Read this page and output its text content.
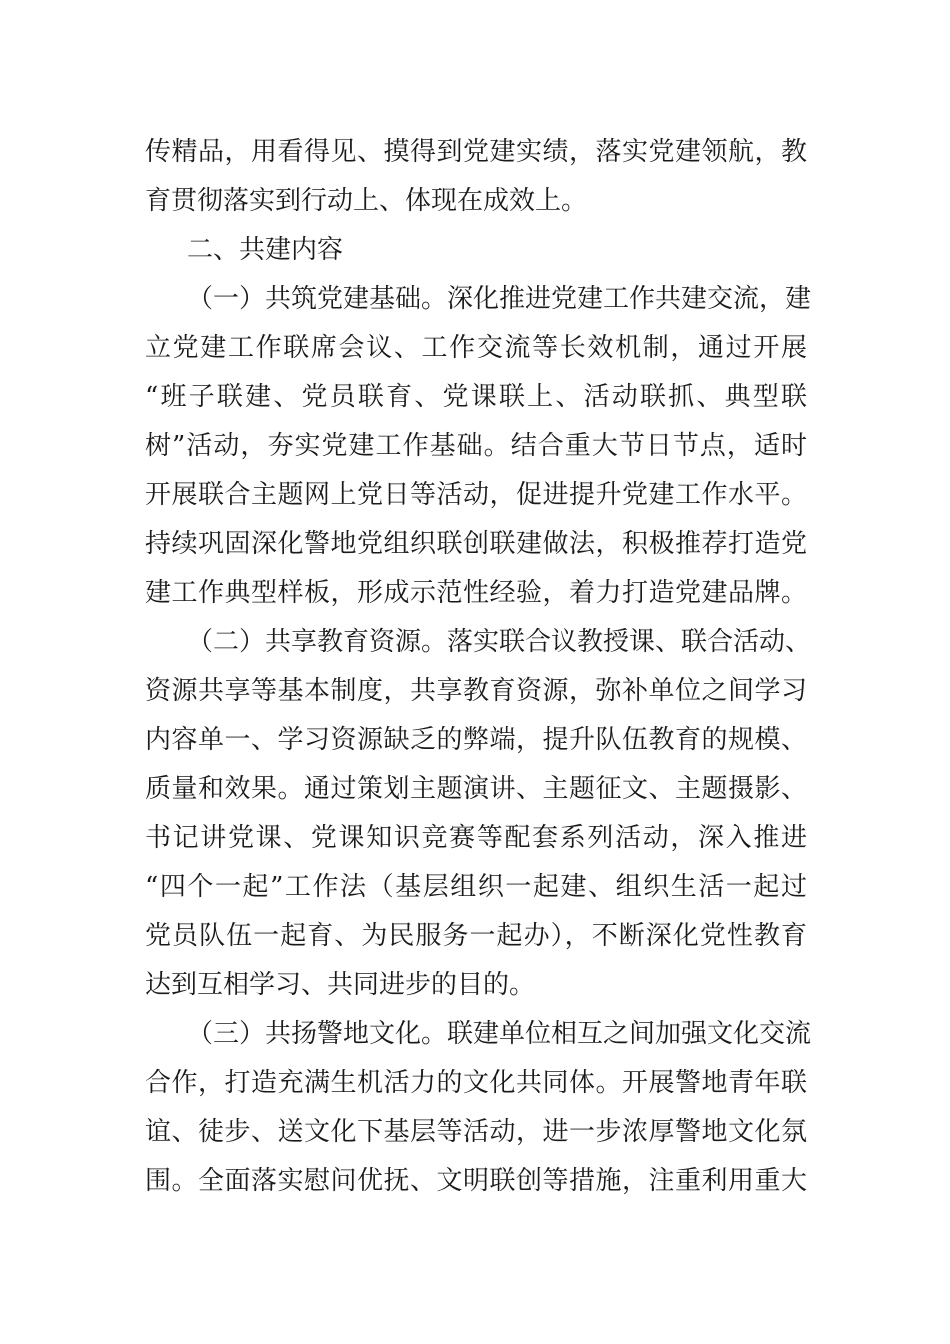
传精品，用看得见、摸得到党建实绩，落实党建领航，教
育贯彻落实到行动上、体现在成效上。
二、共建内容
（一）共筑党建基础。深化推进党建工作共建交流，建
立党建工作联席会议、工作交流等长效机制，通过开展
“班子联建、党员联育、党课联上、活动联抓、典型联
树”活动，夯实党建工作基础。结合重大节日节点，适时
开展联合主题网上党日等活动，促进提升党建工作水平。
持续巩固深化警地党组织联创联建做法，积极推荐打造党
建工作典型样板，形成示范性经验，着力打造党建品牌。
（二）共享教育资源。落实联合议教授课、联合活动、
资源共享等基本制度，共享教育资源，弥补单位之间学习
内容单一、学习资源缺乏的弊端，提升队伍教育的规模、
质量和效果。通过策划主题演讲、主题征文、主题摄影、
书记讲党课、党课知识竞赛等配套系列活动，深入推进
“四个一起”工作法（基层组织一起建、组织生活一起过
党员队伍一起育、为民服务一起办），不断深化党性教育
达到互相学习、共同进步的目的。
（三）共扬警地文化。联建单位相互之间加强文化交流
合作，打造充满生机活力的文化共同体。开展警地青年联
谊、徒步、送文化下基层等活动，进一步浓厚警地文化氛
围。全面落实慰问优抚、文明联创等措施，注重利用重大
